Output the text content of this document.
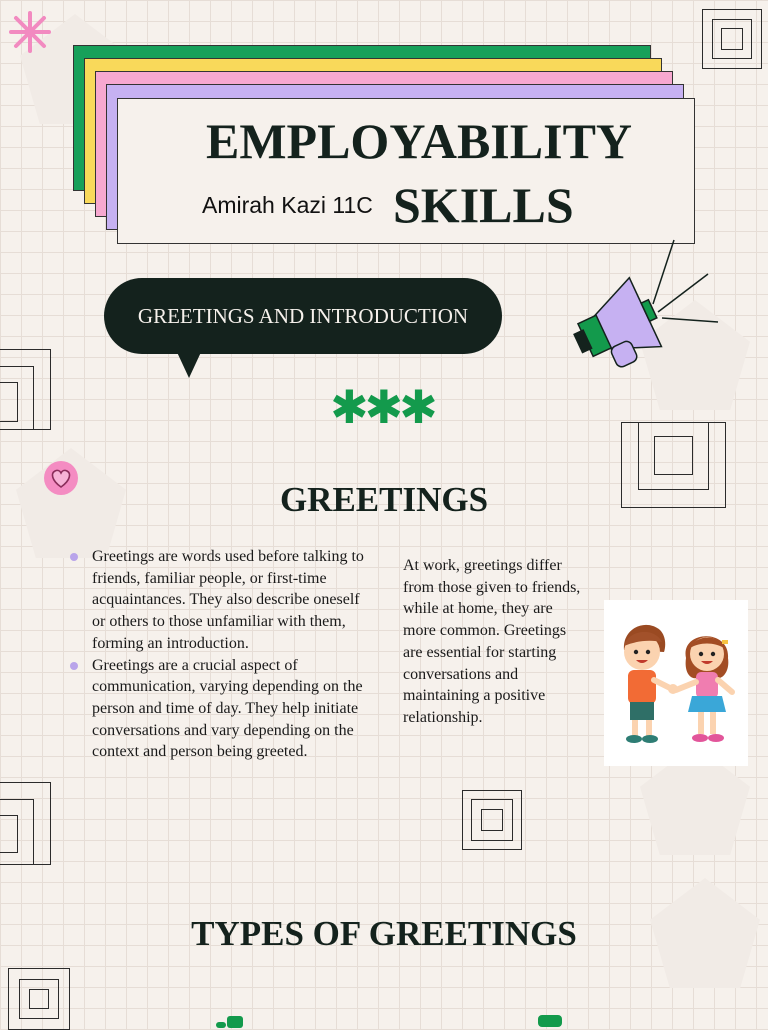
EMPLOYABILITY
Amirah Kazi 11C SKILLS
GREETINGS AND INTRODUCTION
✱✱✱
GREETINGS
Greetings are words used before talking to friends, familiar people, or first-time acquaintances. They also describe oneself or others to those unfamiliar with them, forming an introduction.
Greetings are a crucial aspect of communication, varying depending on the person and time of day. They help initiate conversations and vary depending on the context and person being greeted.
At work, greetings differ from those given to friends, while at home, they are more common. Greetings are essential for starting conversations and maintaining a positive relationship.
TYPES OF GREETINGS
